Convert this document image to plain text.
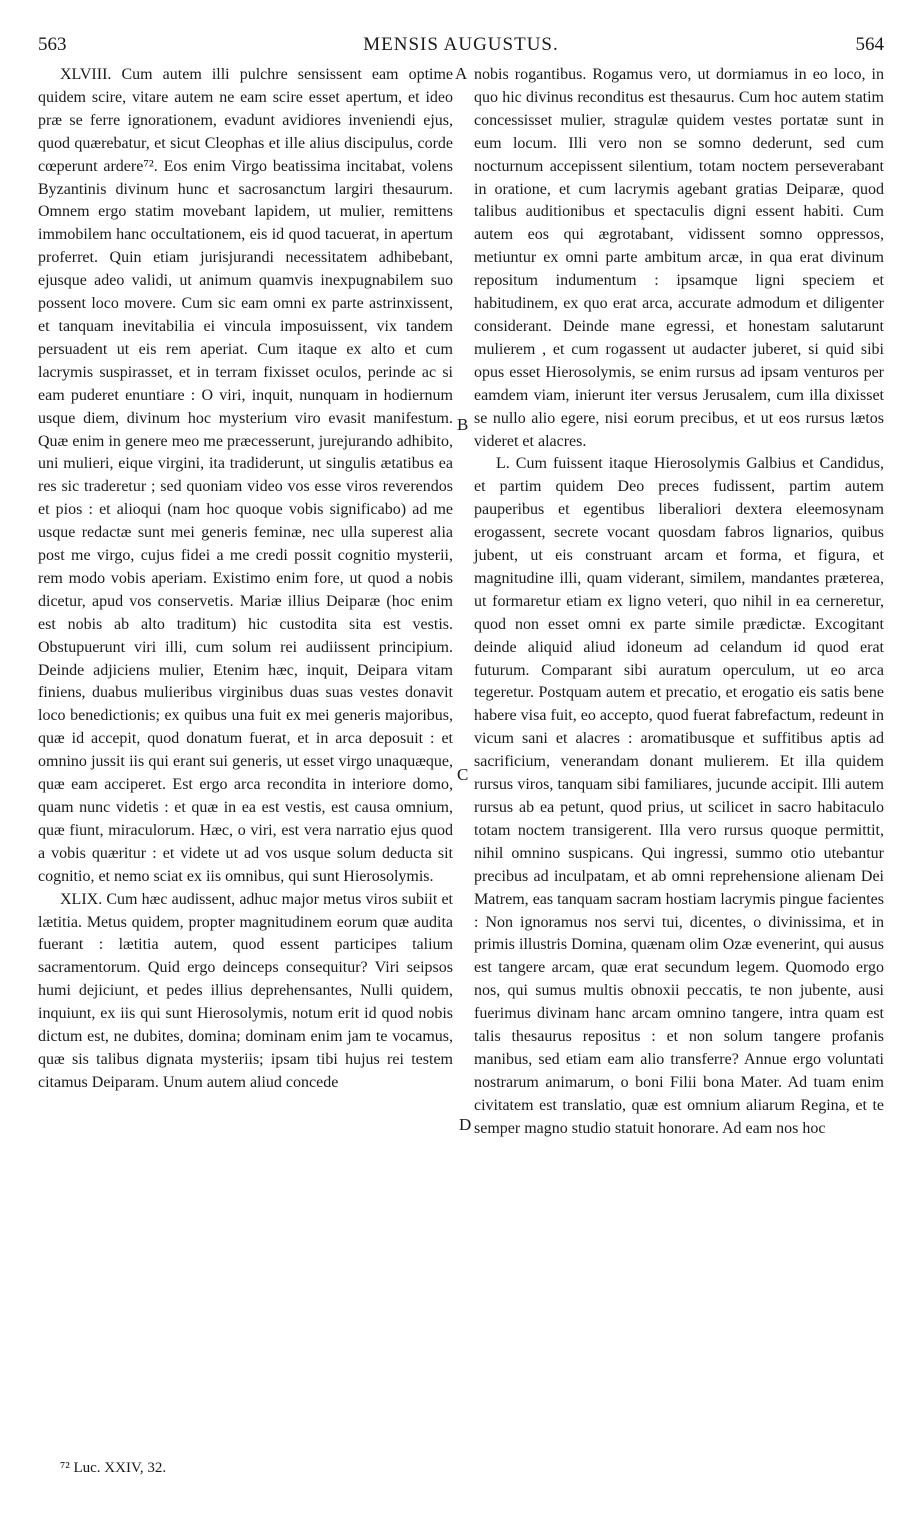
563	MENSIS AUGUSTUS.	564

XLVIII. Cum autem illi pulchre sensissent eam optime quidem scire, vitare autem ne eam scire esset apertum, et ideo præ se ferre ignorationem, evadunt avidiores inveniendi ejus, quod quærebatur, et sicut Cleophas et ille alius discipulus, corde cœperunt ardere⁷². Eos enim Virgo beatissima incitabat, volens Byzantinis divinum hunc et sacrosanctum largiri thesaurum. Omnem ergo statim movebant lapidem, ut mulier, remittens immobilem hanc occultationem, eis id quod tacuerat, in apertum proferret. Quin etiam jurisjurandi necessitatem adhibebant, ejusque adeo validi, ut animum quamvis inexpugnabilem suo possent loco movere. Cum sic eam omni ex parte astrinxissent, et tanquam inevitabilia ei vincula imposuissent, vix tandem persuadent ut eis rem aperiat. Cum itaque ex alto et cum lacrymis suspirasset, et in terram fixisset oculos, perinde ac si eam puderet enuntiare : O viri, inquit, nunquam in hodiernum usque diem, divinum hoc mysterium viro evasit manifestum. Quæ enim in genere meo me præcesserunt, jurejurando adhibito, uni mulieri, eique virgini, ita tradiderunt, ut singulis ætatibus ea res sic traderetur ; sed quoniam video vos esse viros reverendos et pios : et alioqui (nam hoc quoque vobis significabo) ad me usque redactæ sunt mei generis feminæ, nec ulla superest alia post me virgo, cujus fidei a me credi possit cognitio mysterii, rem modo vobis aperiam. Existimo enim fore, ut quod a nobis dicetur, apud vos conservetis. Mariæ illius Deiparæ (hoc enim est nobis ab alto traditum) hic custodita sita est vestis. Obstupuerunt viri illi, cum solum rei audiissent principium. Deinde adjiciens mulier, Etenim hæc, inquit, Deipara vitam finiens, duabus mulieribus virginibus duas suas vestes donavit loco benedictionis; ex quibus una fuit ex mei generis majoribus, quæ id accepit, quod donatum fuerat, et in arca deposuit : et omnino jussit iis qui erant sui generis, ut esset virgo unaquæque, quæ eam acciperet. Est ergo arca recondita in interiore domo, quam nunc videtis : et quæ in ea est vestis, est causa omnium, quæ fiunt, miraculorum. Hæc, o viri, est vera narratio ejus quod a vobis quæritur : et videte ut ad vos usque solum deducta sit cognitio, et nemo sciat ex iis omnibus, qui sunt Hierosolymis.

XLIX. Cum hæc audissent, adhuc major metus viros subiit et lætitia. Metus quidem, propter magnitudinem eorum quæ audita fuerant : lætitia autem, quod essent participes talium sacramentorum. Quid ergo deinceps consequitur? Viri seipsos humi dejiciunt, et pedes illius deprehensantes, Nulli quidem, inquiunt, ex iis qui sunt Hierosolymis, notum erit id quod nobis dictum est, ne dubites, domina; dominam enim jam te vocamus, quæ sis talibus dignata mysteriis; ipsam tibi hujus rei testem citamus Deiparam. Unum autem aliud concede

nobis rogantibus. Rogamus vero, ut dormiamus in eo loco, in quo hic divinus reconditus est thesaurus. Cum hoc autem statim concessisset mulier, stragulæ quidem vestes portatæ sunt in eum locum. Illi vero non se somno dederunt, sed cum nocturnum accepissent silentium, totam noctem perseverabant in oratione, et cum lacrymis agebant gratias Deiparæ, quod talibus auditionibus et spectaculis digni essent habiti. Cum autem eos qui ægrotabant, vidissent somno oppressos, metiuntur ex omni parte ambitum arcæ, in qua erat divinum repositum indumentum : ipsamque ligni speciem et habitudinem, ex quo erat arca, accurate admodum et diligenter considerant. Deinde mane egressi, et honestam salutarunt mulierem , et cum rogassent ut audacter juberet, si quid sibi opus esset Hierosolymis, se enim rursus ad ipsam venturos per eamdem viam, inierunt iter versus Jerusalem, cum illa dixisset se nullo alio egere, nisi eorum precibus, et ut eos rursus lætos videret et alacres.

L. Cum fuissent itaque Hierosolymis Galbius et Candidus, et partim quidem Deo preces fudissent, partim autem pauperibus et egentibus liberaliori dextera eleemosynam erogassent, secrete vocant quosdam fabros lignarios, quibus jubent, ut eis construant arcam et forma, et figura, et magnitudine illi, quam viderant, similem, mandantes præterea, ut formaretur etiam ex ligno veteri, quo nihil in ea cerneretur, quod non esset omni ex parte simile prædictæ. Excogitant deinde aliquid aliud idoneum ad celandum id quod erat futurum. Comparant sibi auratum operculum, ut eo arca tegeretur. Postquam autem et precatio, et erogatio eis satis bene habere visa fuit, eo accepto, quod fuerat fabrefactum, redeunt in vicum sani et alacres : aromatibusque et suffitibus aptis ad sacrificium, venerandam donant mulierem. Et illa quidem rursus viros, tanquam sibi familiares, jucunde accipit. Illi autem rursus ab ea petunt, quod prius, ut scilicet in sacro habitaculo totam noctem transigerent. Illa vero rursus quoque permittit, nihil omnino suspicans. Qui ingressi, summo otio utebantur precibus ad inculpatam, et ab omni reprehensione alienam Dei Matrem, eas tanquam sacram hostiam lacrymis pingue facientes : Non ignoramus nos servi tui, dicentes, o divinissima, et in primis illustris Domina, quænam olim Ozæ evenerint, qui ausus est tangere arcam, quæ erat secundum legem. Quomodo ergo nos, qui sumus multis obnoxii peccatis, te non jubente, ausi fuerimus divinam hanc arcam omnino tangere, intra quam est talis thesaurus repositus : et non solum tangere profanis manibus, sed etiam eam alio transferre? Annue ergo voluntati nostrarum animarum, o boni Filii bona Mater. Ad tuam enim civitatem est translatio, quæ est omnium aliarum Regina, et te semper magno studio statuit honorare. Ad eam nos hoc

A
B
C
D
⁷² Luc. XXIV, 32.
